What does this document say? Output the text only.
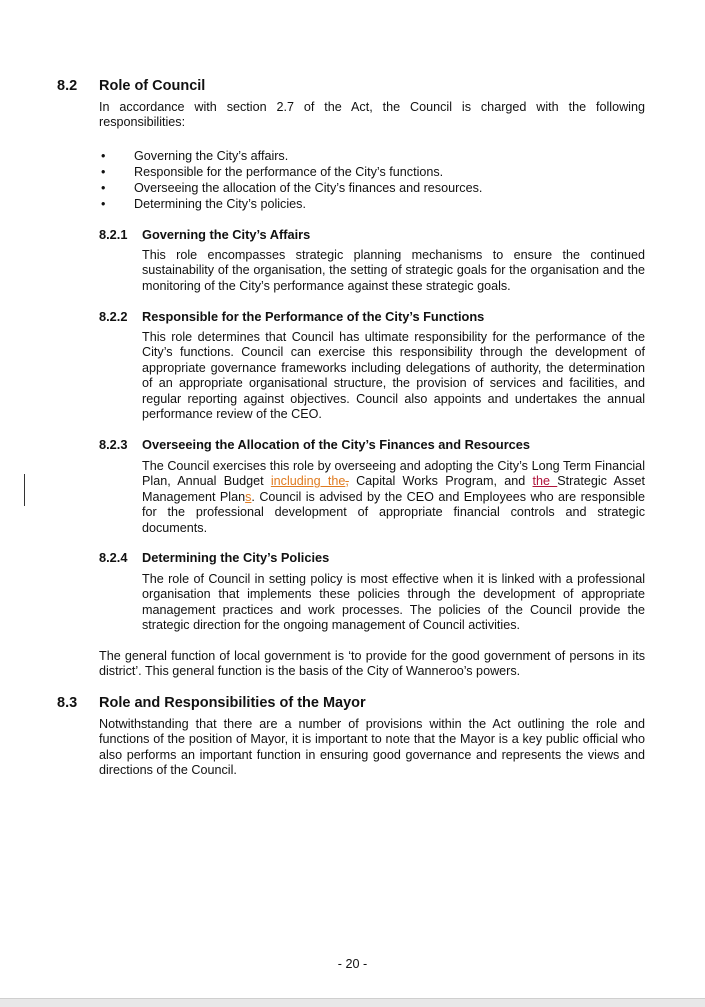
8.2 Role of Council
In accordance with section 2.7 of the Act, the Council is charged with the following responsibilities:
• Governing the City’s affairs.
• Responsible for the performance of the City’s functions.
• Overseeing the allocation of the City’s finances and resources.
• Determining the City’s policies.
8.2.1 Governing the City’s Affairs
This role encompasses strategic planning mechanisms to ensure the continued sustainability of the organisation, the setting of strategic goals for the organisation and the monitoring of the City’s performance against these strategic goals.
8.2.2 Responsible for the Performance of the City’s Functions
This role determines that Council has ultimate responsibility for the performance of the City’s functions. Council can exercise this responsibility through the development of appropriate governance frameworks including delegations of authority, the determination of an appropriate organisational structure, the provision of services and facilities, and regular reporting against objectives. Council also appoints and undertakes the annual performance review of the CEO.
8.2.3 Overseeing the Allocation of the City’s Finances and Resources
The Council exercises this role by overseeing and adopting the City’s Long Term Financial Plan, Annual Budget including the, Capital Works Program, and the Strategic Asset Management Plans. Council is advised by the CEO and Employees who are responsible for the professional development of appropriate financial controls and strategic documents.
8.2.4 Determining the City’s Policies
The role of Council in setting policy is most effective when it is linked with a professional organisation that implements these policies through the development of appropriate management practices and work processes. The policies of the Council provide the strategic direction for the ongoing management of Council activities.
The general function of local government is ‘to provide for the good government of persons in its district’. This general function is the basis of the City of Wanneroo’s powers.
8.3 Role and Responsibilities of the Mayor
Notwithstanding that there are a number of provisions within the Act outlining the role and functions of the position of Mayor, it is important to note that the Mayor is a key public official who also performs an important function in ensuring good governance and represents the views and directions of the Council.
- 20 -
